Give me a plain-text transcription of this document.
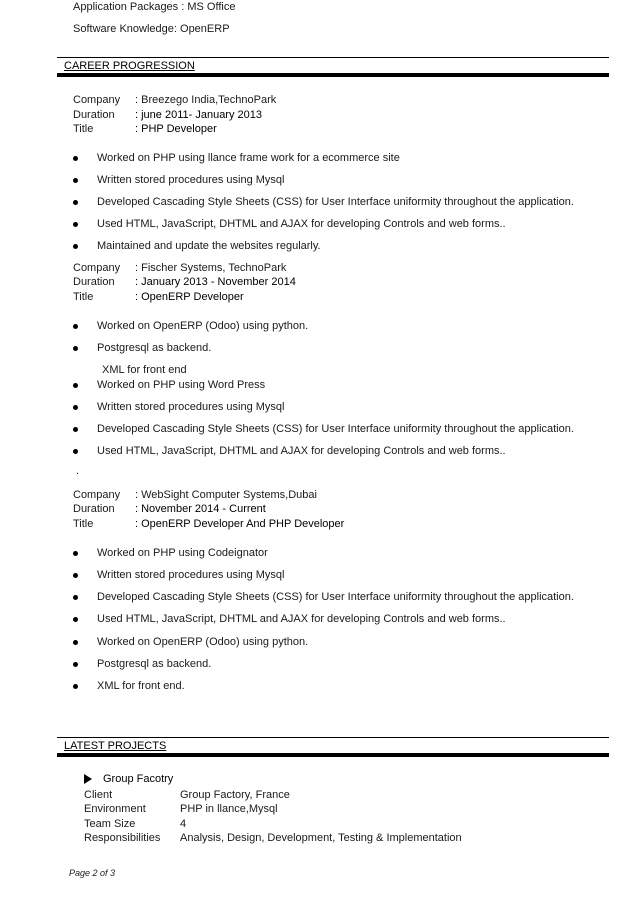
Application Packages : MS Office
Software Knowledge: OpenERP
CAREER PROGRESSION
Company : Breezego India,TechnoPark
Duration : june 2011- January 2013
Title	: PHP Developer
Worked on PHP using llance frame work for a ecommerce site
Written stored procedures using Mysql
Developed Cascading Style Sheets (CSS) for User Interface uniformity throughout the application.
Used HTML, JavaScript, DHTML and AJAX for developing Controls and web forms..
Maintained and update the websites regularly.
Company : Fischer Systems, TechnoPark
Duration : January 2013 - November 2014
Title	: OpenERP Developer
Worked on OpenERP (Odoo) using python.
Postgresql as backend.
XML for front end
Worked on PHP using Word Press
Written stored procedures using Mysql
Developed Cascading Style Sheets (CSS) for User Interface uniformity throughout the application.
Used HTML, JavaScript, DHTML and AJAX for developing Controls and web forms..
.
Company : WebSight Computer Systems,Dubai
Duration : November 2014 - Current
Title	: OpenERP Developer And PHP Developer
Worked on PHP using Codeignator
Written stored procedures using Mysql
Developed Cascading Style Sheets (CSS) for User Interface uniformity throughout the application.
Used HTML, JavaScript, DHTML and AJAX for developing Controls and web forms..
Worked on OpenERP (Odoo) using python.
Postgresql as backend.
XML for front end.
LATEST PROJECTS
Group Facotry
Client	Group Factory, France
Environment	PHP in llance,Mysql
Team Size	4
Responsibilities Analysis, Design, Development, Testing & Implementation
Page 2 of 3
